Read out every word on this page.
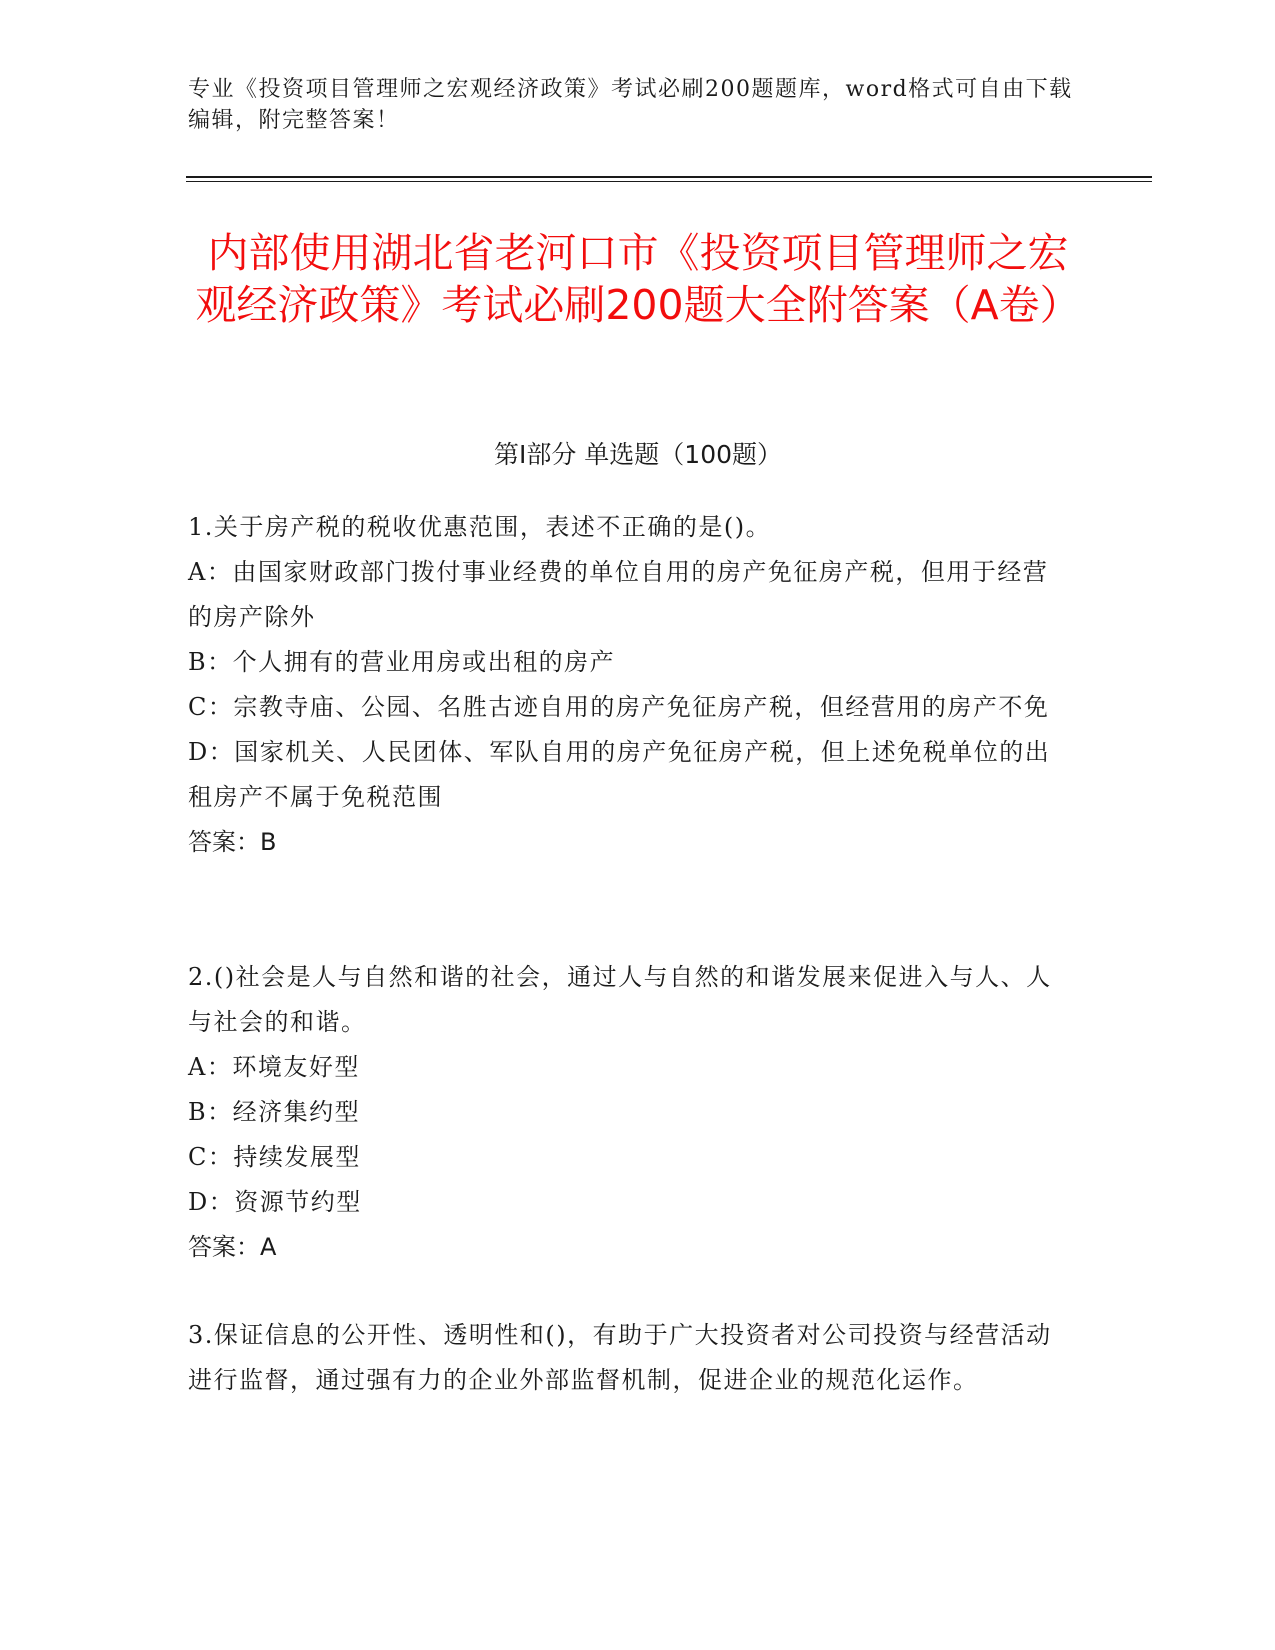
专业《投资项目管理师之宏观经济政策》考试必刷200题题库，word格式可自由下载编辑，附完整答案！
内部使用湖北省老河口市《投资项目管理师之宏观经济政策》考试必刷200题大全附答案（A卷）
第Ⅰ部分 单选题（100题）
1.关于房产税的税收优惠范围，表述不正确的是()。
A：由国家财政部门拨付事业经费的单位自用的房产免征房产税，但用于经营的房产除外
B：个人拥有的营业用房或出租的房产
C：宗教寺庙、公园、名胜古迹自用的房产免征房产税，但经营用的房产不免
D：国家机关、人民团体、军队自用的房产免征房产税，但上述免税单位的出租房产不属于免税范围
答案：B
2.()社会是人与自然和谐的社会，通过人与自然的和谐发展来促进入与人、人与社会的和谐。
A：环境友好型
B：经济集约型
C：持续发展型
D：资源节约型
答案：A
3.保证信息的公开性、透明性和()，有助于广大投资者对公司投资与经营活动进行监督，通过强有力的企业外部监督机制，促进企业的规范化运作。
